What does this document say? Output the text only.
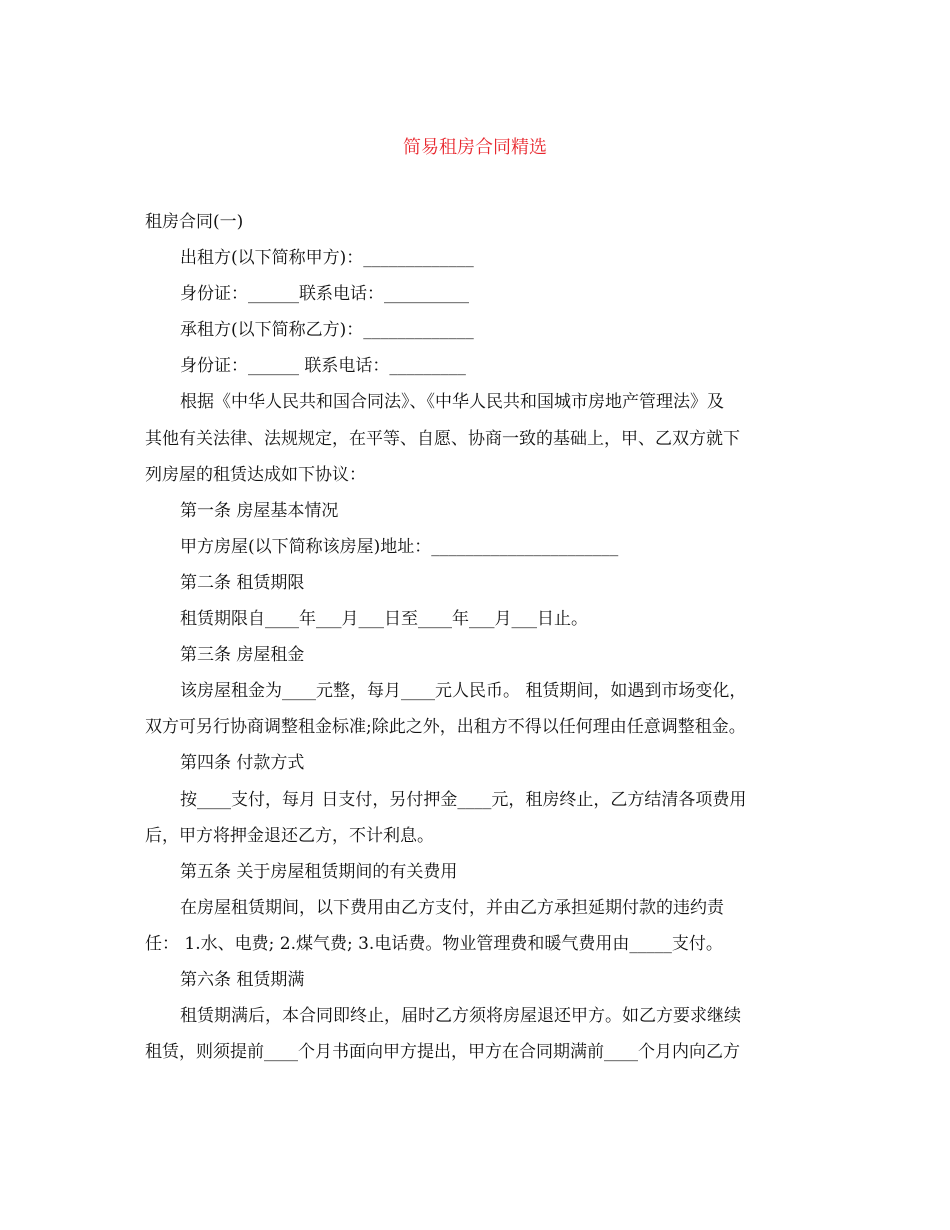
简易租房合同精选
租房合同(一)
出租方(以下简称甲方)：_____________
身份证：______联系电话：__________
承租方(以下简称乙方)：_____________
身份证：______ 联系电话：_________
根据《中华人民共和国合同法》、《中华人民共和国城市房地产管理法》及
其他有关法律、法规规定，在平等、自愿、协商一致的基础上，甲、乙双方就下
列房屋的租赁达成如下协议：
第一条 房屋基本情况
甲方房屋(以下简称该房屋)地址：______________________
第二条 租赁期限
租赁期限自____年___月___日至____年___月___日止。
第三条 房屋租金
该房屋租金为____元整，每月____元人民币。 租赁期间，如遇到市场变化，
双方可另行协商调整租金标准;除此之外，出租方不得以任何理由任意调整租金。
第四条 付款方式
按____支付，每月 日支付，另付押金____元，租房终止，乙方结清各项费用
后，甲方将押金退还乙方，不计利息。
第五条 关于房屋租赁期间的有关费用
在房屋租赁期间，以下费用由乙方支付，并由乙方承担延期付款的违约责
任： 1.水、电费; 2.煤气费; 3.电话费。物业管理费和暖气费用由_____支付。
第六条 租赁期满
租赁期满后，本合同即终止，届时乙方须将房屋退还甲方。如乙方要求继续
租赁，则须提前____个月书面向甲方提出，甲方在合同期满前____个月内向乙方
